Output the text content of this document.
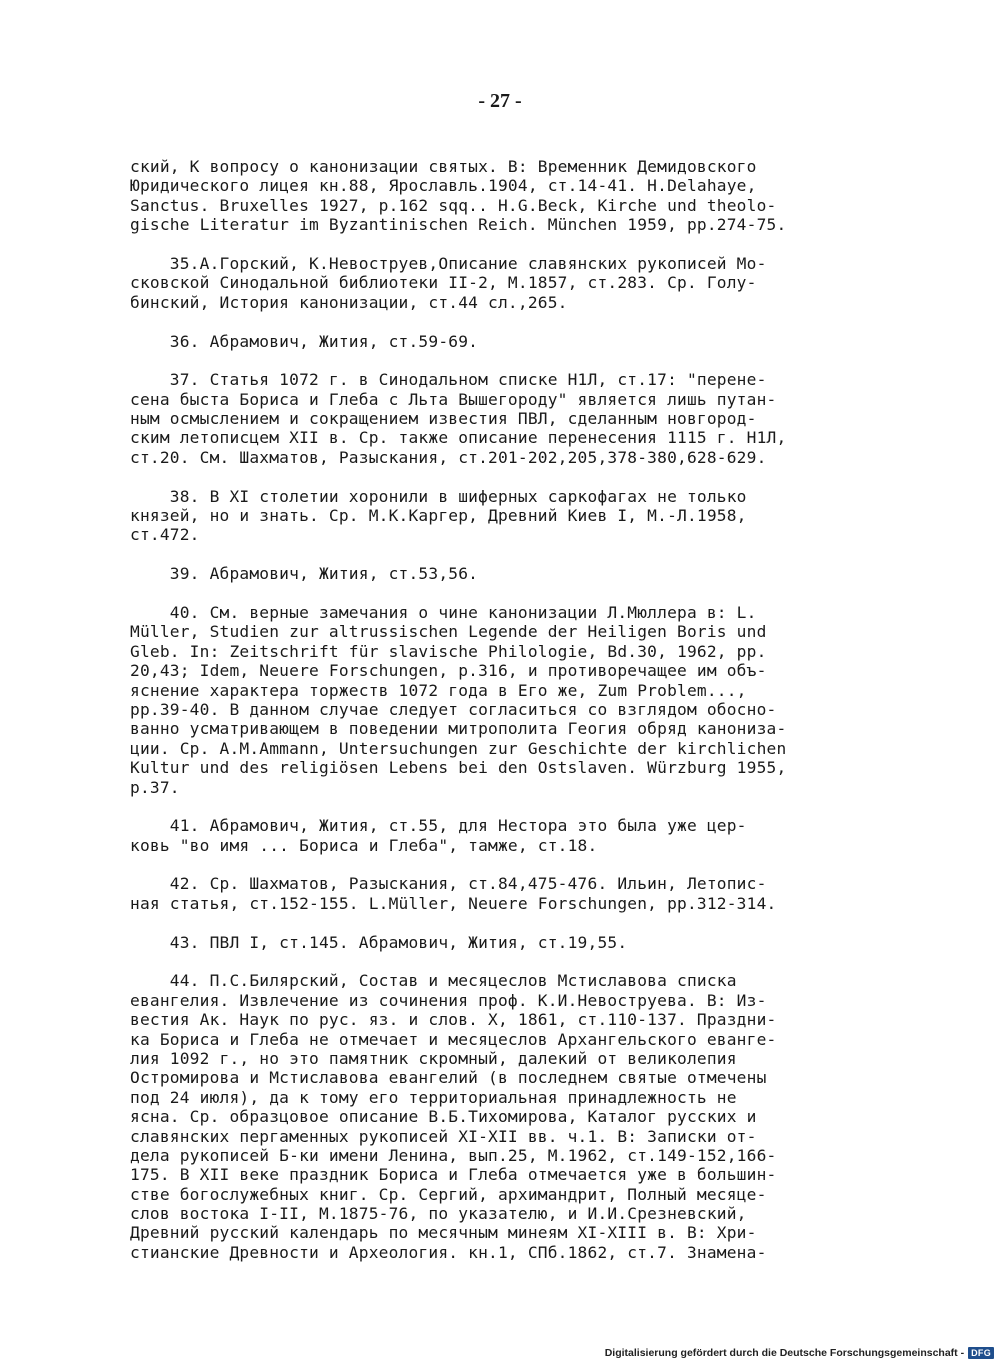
- 27 -
ский, К вопросу о канонизации святых. В: Временник Демидовского
Юридического лицея кн.88, Ярославль.1904, ст.14-41. Н.Delahaye,
Sanctus. Bruxelles 1927, p.162 sqq.. H.G.Beck, Kirche und theolo-
gische Literatur im Byzantinischen Reich. München 1959, pp.274-75.
35.А.Горский, К.Невоструев,Описание славянских рукописей Мо-
сковской Синодальной библиотеки II-2, М.1857, ст.283. Ср. Голу-
бинский, История канонизации, ст.44 сл.,265.
36. Абрамович, Жития, ст.59-69.
37. Статья 1072 г. в Синодальном списке Н1Л, ст.17: "перене-
сена быста Бориса и Глеба с Льта Вышегороду" является лишь путан-
ным осмыслением и сокращением известия ПВЛ, сделанным новгород-
ским летописцем XII в. Ср. также описание перенесения 1115 г. Н1Л,
ст.20. См. Шахматов, Разыскания, ст.201-202,205,378-380,628-629.
38. В XI столетии хоронили в шиферных саркофагах не только
князей, но и знать. Ср. М.К.Каргер, Древний Киев I, М.-Л.1958,
ст.472.
39. Абрамович, Жития, ст.53,56.
40. См. верные замечания о чине канонизации Л.Мюллера в: L.
Müller, Studien zur altrussischen Legende der Heiligen Boris und
Gleb. In: Zeitschrift für slavische Philologie, Bd.30, 1962, pp.
20,43; Idem, Neuere Forschungen, p.316, и противоречащее им объ-
яснение характера торжеств 1072 года в Его же, Zum Problem...,
pp.39-40. В данном случае следует согласиться со взглядом обосно-
ванно усматривающем в поведении митрополита Геогия обряд канониза-
ции. Ср. A.M.Ammann, Untersuchungen zur Geschichte der kirchlichen
Kultur und des religiösen Lebens bei den Ostslaven. Würzburg 1955,
p.37.
41. Абрамович, Жития, ст.55, для Нестора это была уже цер-
ковь "во имя ... Бориса и Глеба", тамже, ст.18.
42. Ср. Шахматов, Разыскания, ст.84,475-476. Ильин, Летопис-
ная статья, ст.152-155. L.Müller, Neuere Forschungen, pp.312-314.
43. ПВЛ I, ст.145. Абрамович, Жития, ст.19,55.
44. П.С.Билярский, Состав и месяцеслов Мстиславова списка
евангелия. Извлечение из сочинения проф. К.И.Невоструева. В: Из-
вестия Ак. Наук по рус. яз. и слов. X, 1861, ст.110-137. Праздни-
ка Бориса и Глеба не отмечает и месяцеслов Архангельского еванге-
лия 1092 г., но это памятник скромный, далекий от великолепия
Остромирова и Мстиславова евангелий (в последнем святые отмечены
под 24 июля), да к тому его территориальная принадлежность не
ясна. Ср. образцовое описание В.Б.Тихомирова, Каталог русских и
славянских пергаменных рукописей XI-XII вв. ч.1. В: Записки от-
дела рукописей Б-ки имени Ленина, вып.25, М.1962, ст.149-152,166-
175. В XII веке праздник Бориса и Глеба отмечается уже в большин-
стве богослужебных книг. Ср. Сергий, архимандрит, Полный месяце-
слов востока I-II, М.1875-76, по указателю, и И.И.Срезневский,
Древний русский календарь по месячным минеям XI-XIII в. В: Хри-
стианские Древности и Археология. кн.1, СПб.1862, ст.7. Знамена-
Digitalisierung gefördert durch die Deutsche Forschungsgemeinschaft - DFG
